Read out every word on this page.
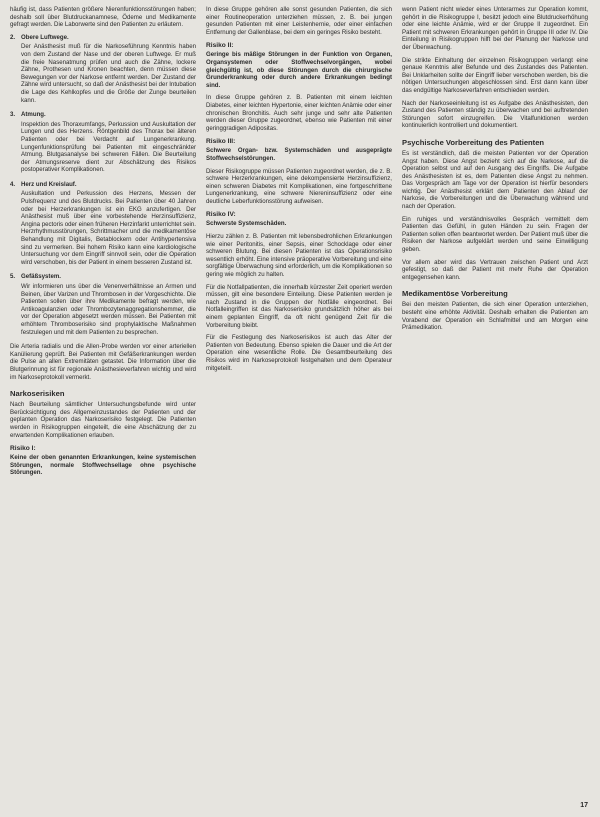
häufig ist, dass Patienten größere Nierenfunktionsstörungen haben; deshalb soll über Blutdruckanamnese, Ödeme und Medikamente gefragt werden. Die Laborwerte sind den Patienten zu erläutern.

2. Obere Luftwege.

Der Anästhesist muß für die Narkoseführung Kenntnis haben von dem Zustand der Nase und der oberen Luftwege. Er muß die freie Nasenatmung prüfen und auch die Zähne, lockere Zähne, Prothesen und Kronen beachten, denn müssen diese Bewegungen vor der Narkose entfernt werden. Der Zustand der Zähne wird untersucht, so daß der Anästhesist bei der Intubation die Lage des Kehlkopfes und die Größe der Zunge beurteilen kann.

3. Atmung.

Inspektion des Thoraxumfangs, Perkussion und Auskultation der Lungen und des Herzens. Röntgenbild des Thorax bei älteren Patienten oder bei Verdacht auf Lungenerkrankung. Lungenfunktionsprüfung bei Patienten mit eingeschränkter Atmung. Blutgasanalyse bei schweren Fällen. Die Beurteilung der Atmungsreserve dient zur Abschätzung des Risikos postoperativer Komplikationen.

4. Herz und Kreislauf.

Auskultation und Perkussion des Herzens, Messen der Pulsfrequenz und des Blutdrucks. Bei Patienten über 40 Jahren oder bei Herzerkrankungen ist ein EKG anzufertigen. Der Anästhesist muß über eine vorbestehende Herzinsuffizienz, Angina pectoris oder einen früheren Herzinfarkt unterrichtet sein. Herzrhythmusstörungen, Schrittmacher und die medikamentöse Behandlung mit Digitalis, Betablockern oder Antihypertensiva sind zu vermerken. Bei hohem Risiko kann eine kardiologische Untersuchung vor dem Eingriff sinnvoll sein, oder die Operation wird verschoben, bis der Patient in einem besseren Zustand ist.

5. Gefäßsystem.

Wir informieren uns über die Venenverhältnisse an Armen und Beinen, über Varizen und Thrombosen in der Vorgeschichte. Die Patienten sollen über ihre Medikamente befragt werden, wie Antikoagulanzien oder Thrombozytenaggregationshemmer, die vor der Operation abgesetzt werden müssen. Bei Patienten mit erhöhtem Thromboserisiko sind prophylaktische Maßnahmen festzulegen und mit dem Patienten zu besprechen.

Die Arteria radialis und die Allen-Probe werden vor einer arteriellen Kanülierung geprüft. Bei Patienten mit Gefäßerkrankungen werden die Pulse an allen Extremitäten getastet. Die Information über die Blutgerinnung ist für regionale Anästhesieverfahren wichtig und wird im Narkoseprotokoll vermerkt.

Narkoserisiken

Nach Beurteilung sämtlicher Untersuchungsbefunde wird unter Berücksichtigung des Allgemeinzustandes der Patienten und der geplanten Operation das Narkoserisiko festgelegt. Die Patienten werden in Risikogruppen eingeteilt, die eine Abschätzung der zu erwartenden Komplikationen erlauben.

Risiko I:

Keine der oben genannten Erkrankungen, keine systemischen Störungen, normale Stoffwechsellage ohne psychische Störungen.

In diese Gruppe gehören alle sonst gesunden Patienten, die sich einer Routineoperation unterziehen müssen, z. B. bei jungen gesunden Patienten mit einer Leistenhernie, oder einer einfachen Entfernung der Gallenblase, bei dem ein geringes Risiko besteht.

Risiko II:

Geringe bis mäßige Störungen in der Funktion von Organen, Organsystemen oder Stoffwechselvorgängen, wobei gleichgültig ist, ob diese Störungen durch die chirurgische Grunderkrankung oder durch andere Erkrankungen bedingt sind.

In diese Gruppe gehören z. B. Patienten mit einem leichten Diabetes, einer leichten Hypertonie, einer leichten Anämie oder einer chronischen Bronchitis. Auch sehr junge und sehr alte Patienten werden dieser Gruppe zugeordnet, ebenso wie Patienten mit einer geringgradigen Adipositas.

Risiko III:

Schwere Organ- bzw. Systemschäden und ausgeprägte Stoffwechselstörungen.

Dieser Risikogruppe müssen Patienten zugeordnet werden, die z. B. schwere Herzerkrankungen, eine dekompensierte Herzinsuffizienz, einen schweren Diabetes mit Komplikationen, eine fortgeschrittene Lungenerkrankung, eine schwere Niereninsuffizienz oder eine deutliche Leberfunktionsstörung aufweisen.

Risiko IV:

Schwerste Systemschäden.

Hierzu zählen z. B. Patienten mit lebensbedrohlichen Erkrankungen wie einer Peritonitis, einer Sepsis, einer Schocklage oder einer schweren Blutung. Bei diesen Patienten ist das Operationsrisiko wesentlich erhöht. Eine intensive präoperative Vorbereitung und eine sorgfältige Überwachung sind erforderlich, um die Komplikationen so gering wie möglich zu halten.

Für die Notfallpatienten, die innerhalb kürzester Zeit operiert werden müssen, gilt eine besondere Einteilung. Diese Patienten werden je nach Zustand in die Gruppen der Notfälle eingeordnet. Bei Notfalleingriffen ist das Narkoserisiko grundsätzlich höher als bei einem geplanten Eingriff, da oft nicht genügend Zeit für die Vorbereitung bleibt.

Für die Festlegung des Narkoserisikos ist auch das Alter der Patienten von Bedeutung. Ebenso spielen die Dauer und die Art der Operation eine wesentliche Rolle. Die Gesamtbeurteilung des Risikos wird im Narkoseprotokoll festgehalten und dem Operateur mitgeteilt.

wenn Patient nicht wieder eines Unterarmes zur Operation kommt, gehört in die Risikogruppe I, besitzt jedoch eine Blutdruckerhöhung oder eine leichte Anämie, wird er der Gruppe II zugeordnet. Ein Patient mit schweren Erkrankungen gehört in Gruppe III oder IV. Die Einteilung in Risikogruppen hilft bei der Planung der Narkose und der Überwachung.

Die strikte Einhaltung der einzelnen Risikogruppen verlangt eine genaue Kenntnis aller Befunde und des Zustandes des Patienten. Bei Unklarheiten sollte der Eingriff lieber verschoben werden, bis die nötigen Untersuchungen abgeschlossen sind. Erst dann kann über das endgültige Narkoseverfahren entschieden werden.

Nach der Narkoseeinleitung ist es Aufgabe des Anästhesisten, den Zustand des Patienten ständig zu überwachen und bei auftretenden Störungen sofort einzugreifen. Die Vitalfunktionen werden kontinuierlich kontrolliert und dokumentiert.

Psychische Vorbereitung des Patienten

Es ist verständlich, daß die meisten Patienten vor der Operation Angst haben. Diese Angst bezieht sich auf die Narkose, auf die Operation selbst und auf den Ausgang des Eingriffs. Die Aufgabe des Anästhesisten ist es, dem Patienten diese Angst zu nehmen. Das Vorgespräch am Tage vor der Operation ist hierfür besonders wichtig. Der Anästhesist erklärt dem Patienten den Ablauf der Narkose, die Vorbereitungen und die Überwachung während und nach der Operation.

Ein ruhiges und verständnisvolles Gespräch vermittelt dem Patienten das Gefühl, in guten Händen zu sein. Fragen der Patienten sollen offen beantwortet werden. Der Patient muß über die Risiken der Narkose aufgeklärt werden und seine Einwilligung geben.

Vor allem aber wird das Vertrauen zwischen Patient und Arzt gefestigt, so daß der Patient mit mehr Ruhe der Operation entgegensehen kann.

Medikamentöse Vorbereitung

Bei den meisten Patienten, die sich einer Operation unterziehen, besteht eine erhöhte Aktivität. Deshalb erhalten die Patienten am Vorabend der Operation ein Schlafmittel und am Morgen eine Prämedikation.

17
